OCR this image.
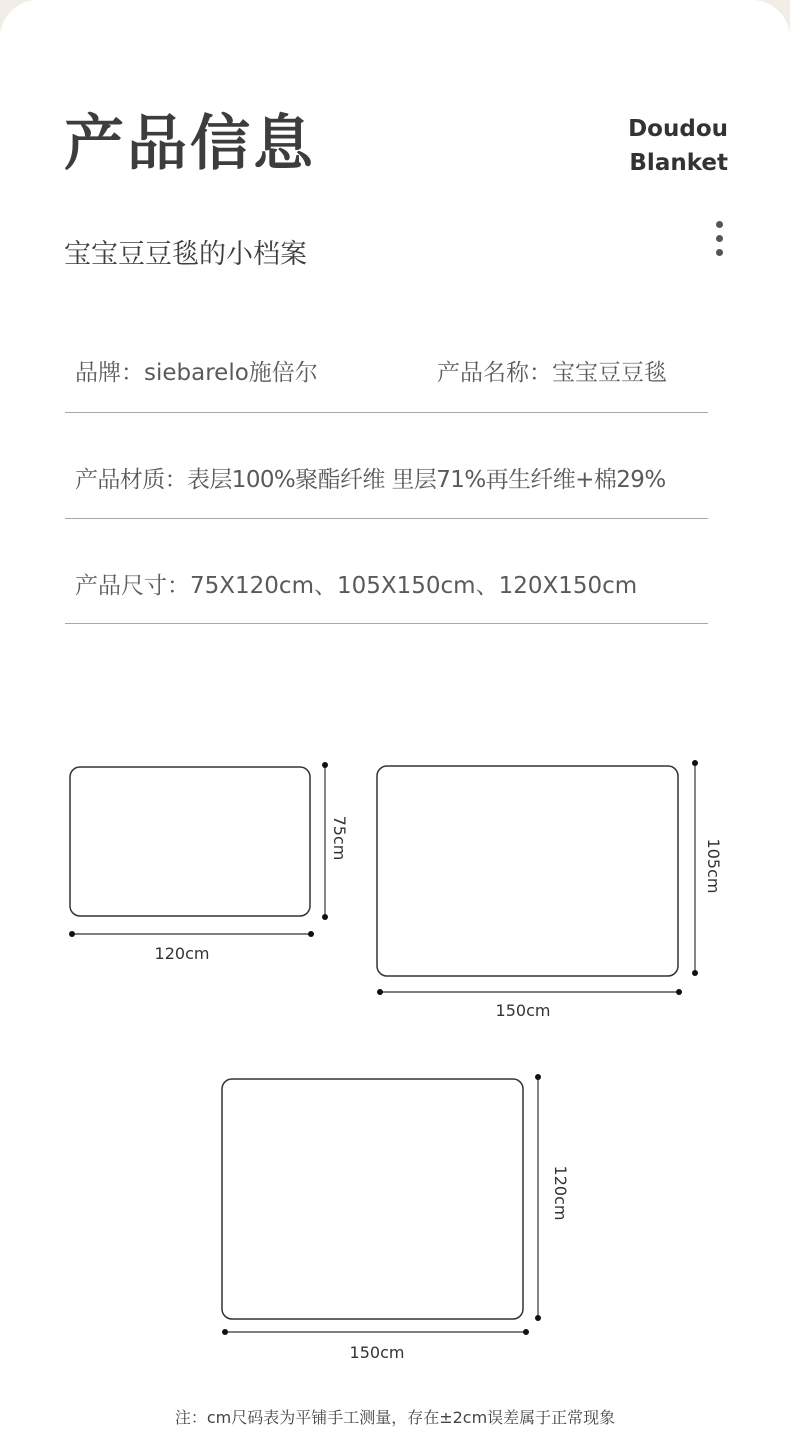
产品信息	Doudou
Blanket
宝宝豆豆毯的小档案
品牌：siebarelo施倍尔	产品名称：宝宝豆豆毯
产品材质：表层100%聚酯纤维 里层71%再生纤维+棉29%
产品尺寸：75X120cm、105X150cm、120X150cm
120cm
75cm
150cm
105cm
150cm
120cm
注：cm尺码表为平铺手工测量，存在±2cm误差属于正常现象
